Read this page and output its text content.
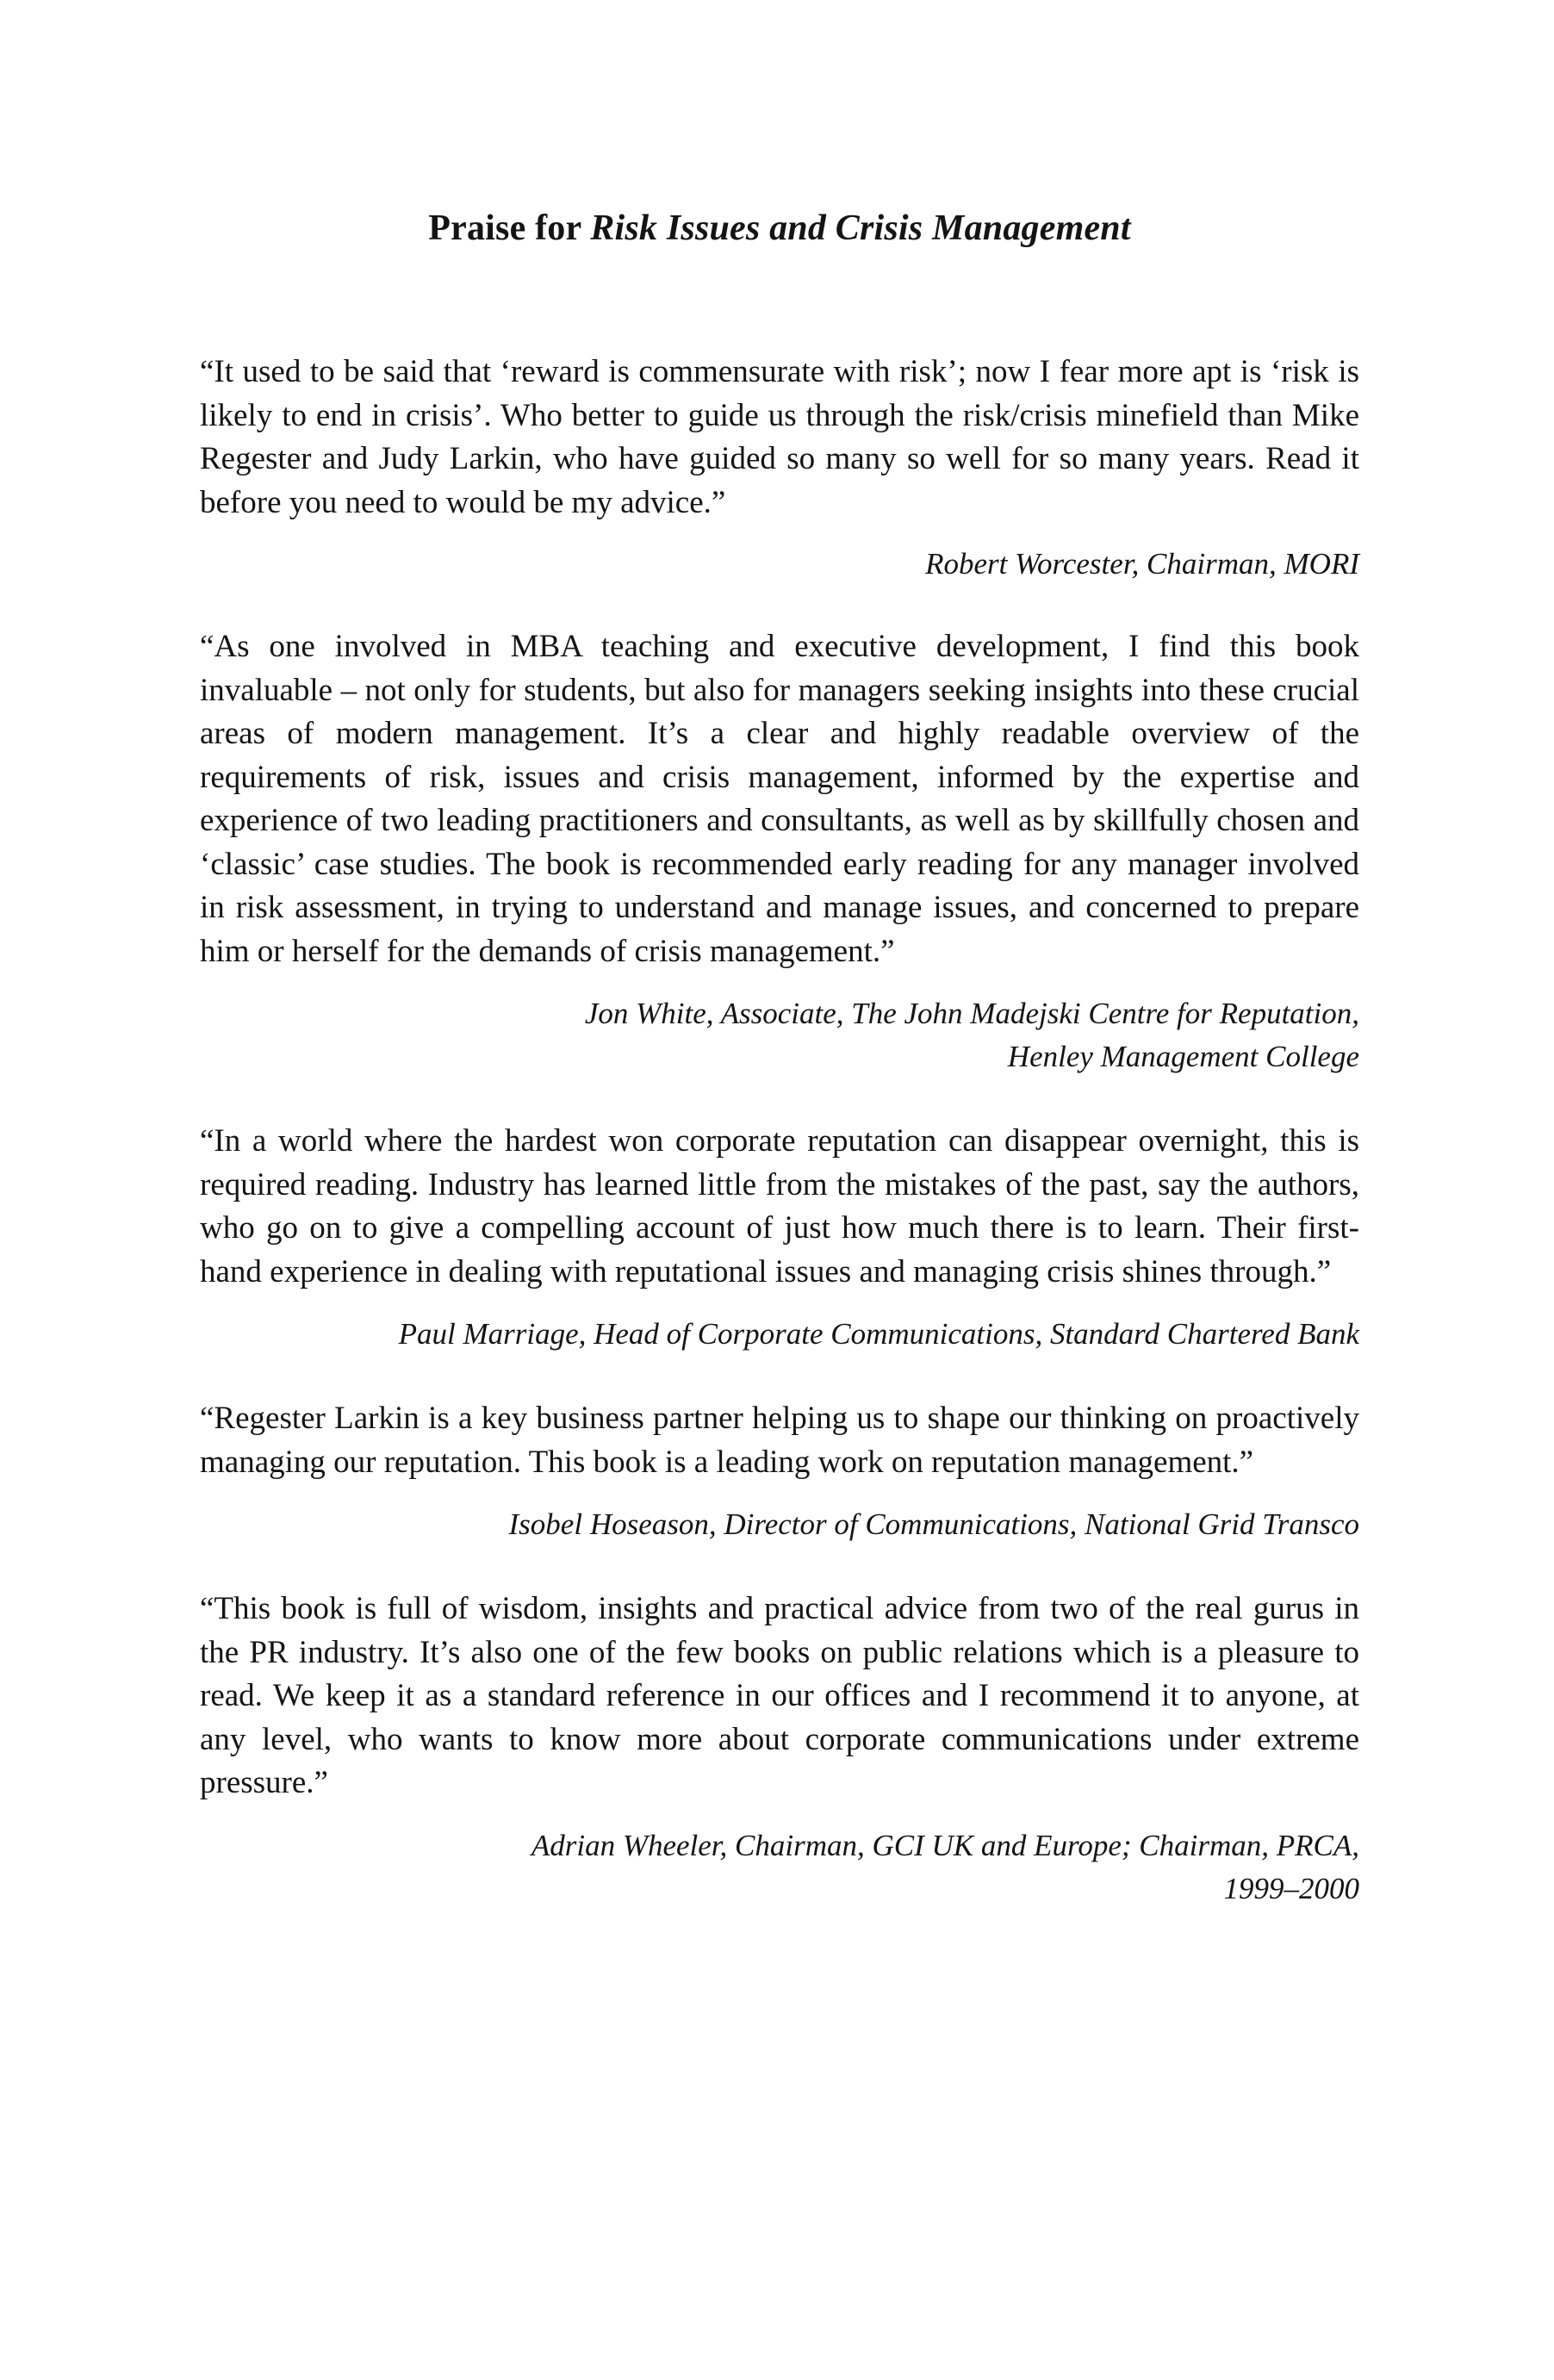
Praise for Risk Issues and Crisis Management

“It used to be said that ‘reward is commensurate with risk’; now I fear more apt is ‘risk is likely to end in crisis’. Who better to guide us through the risk/crisis minefield than Mike Regester and Judy Larkin, who have guided so many so well for so many years. Read it before you need to would be my advice.”

Robert Worcester, Chairman, MORI

“As one involved in MBA teaching and executive development, I find this book invaluable – not only for students, but also for managers seeking insights into these crucial areas of modern management. It’s a clear and highly readable overview of the requirements of risk, issues and crisis management, informed by the expertise and experience of two leading practitioners and consultants, as well as by skillfully chosen and ‘classic’ case studies. The book is recommended early reading for any manager involved in risk assessment, in trying to understand and manage issues, and concerned to prepare him or herself for the demands of crisis management.”

Jon White, Associate, The John Madejski Centre for Reputation,
Henley Management College

“In a world where the hardest won corporate reputation can disappear overnight, this is required reading. Industry has learned little from the mistakes of the past, say the authors, who go on to give a compelling account of just how much there is to learn. Their first-hand experience in dealing with reputational issues and managing crisis shines through.”

Paul Marriage, Head of Corporate Communications, Standard Chartered Bank

“Regester Larkin is a key business partner helping us to shape our thinking on proactively managing our reputation. This book is a leading work on reputation management.”

Isobel Hoseason, Director of Communications, National Grid Transco

“This book is full of wisdom, insights and practical advice from two of the real gurus in the PR industry. It’s also one of the few books on public relations which is a pleasure to read. We keep it as a standard reference in our offices and I recommend it to anyone, at any level, who wants to know more about corporate communications under extreme pressure.”

Adrian Wheeler, Chairman, GCI UK and Europe; Chairman, PRCA,
1999–2000
